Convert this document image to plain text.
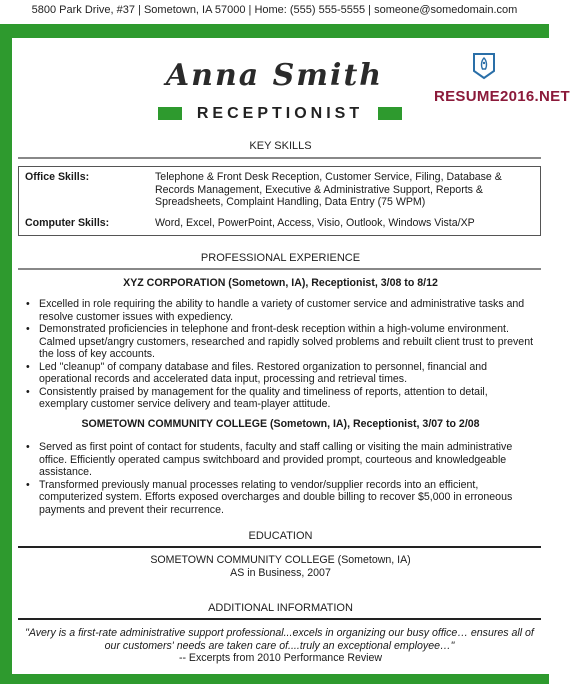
5800 Park Drive, #37 | Sometown, IA 57000 | Home: (555) 555-5555 | someone@somedomain.com
Anna Smith
RECEPTIONIST
RESUME2016.NET
KEY SKILLS
Office Skills:	Telephone & Front Desk Reception, Customer Service, Filing, Database & Records Management, Executive & Administrative Support, Reports & Spreadsheets, Complaint Handling, Data Entry (75 WPM)
Computer Skills:	Word, Excel, PowerPoint, Access, Visio, Outlook, Windows Vista/XP
PROFESSIONAL EXPERIENCE
XYZ CORPORATION (Sometown, IA), Receptionist, 3/08 to 8/12
• Excelled in role requiring the ability to handle a variety of customer service and administrative tasks and resolve customer issues with expediency.
• Demonstrated proficiencies in telephone and front-desk reception within a high-volume environment. Calmed upset/angry customers, researched and rapidly solved problems and rebuilt client trust to prevent the loss of key accounts.
• Led "cleanup" of company database and files. Restored organization to personnel, financial and operational records and accelerated data input, processing and retrieval times.
• Consistently praised by management for the quality and timeliness of reports, attention to detail, exemplary customer service delivery and team-player attitude.
SOMETOWN COMMUNITY COLLEGE (Sometown, IA), Receptionist, 3/07 to 2/08
• Served as first point of contact for students, faculty and staff calling or visiting the main administrative office. Efficiently operated campus switchboard and provided prompt, courteous and knowledgeable assistance.
• Transformed previously manual processes relating to vendor/supplier records into an efficient, computerized system. Efforts exposed overcharges and double billing to recover $5,000 in erroneous payments and prevent their recurrence.
EDUCATION
SOMETOWN COMMUNITY COLLEGE (Sometown, IA)
AS in Business, 2007
ADDITIONAL INFORMATION
"Avery is a first-rate administrative support professional...excels in organizing our busy office… ensures all of our customers' needs are taken care of....truly an exceptional employee…"
-- Excerpts from 2010 Performance Review
